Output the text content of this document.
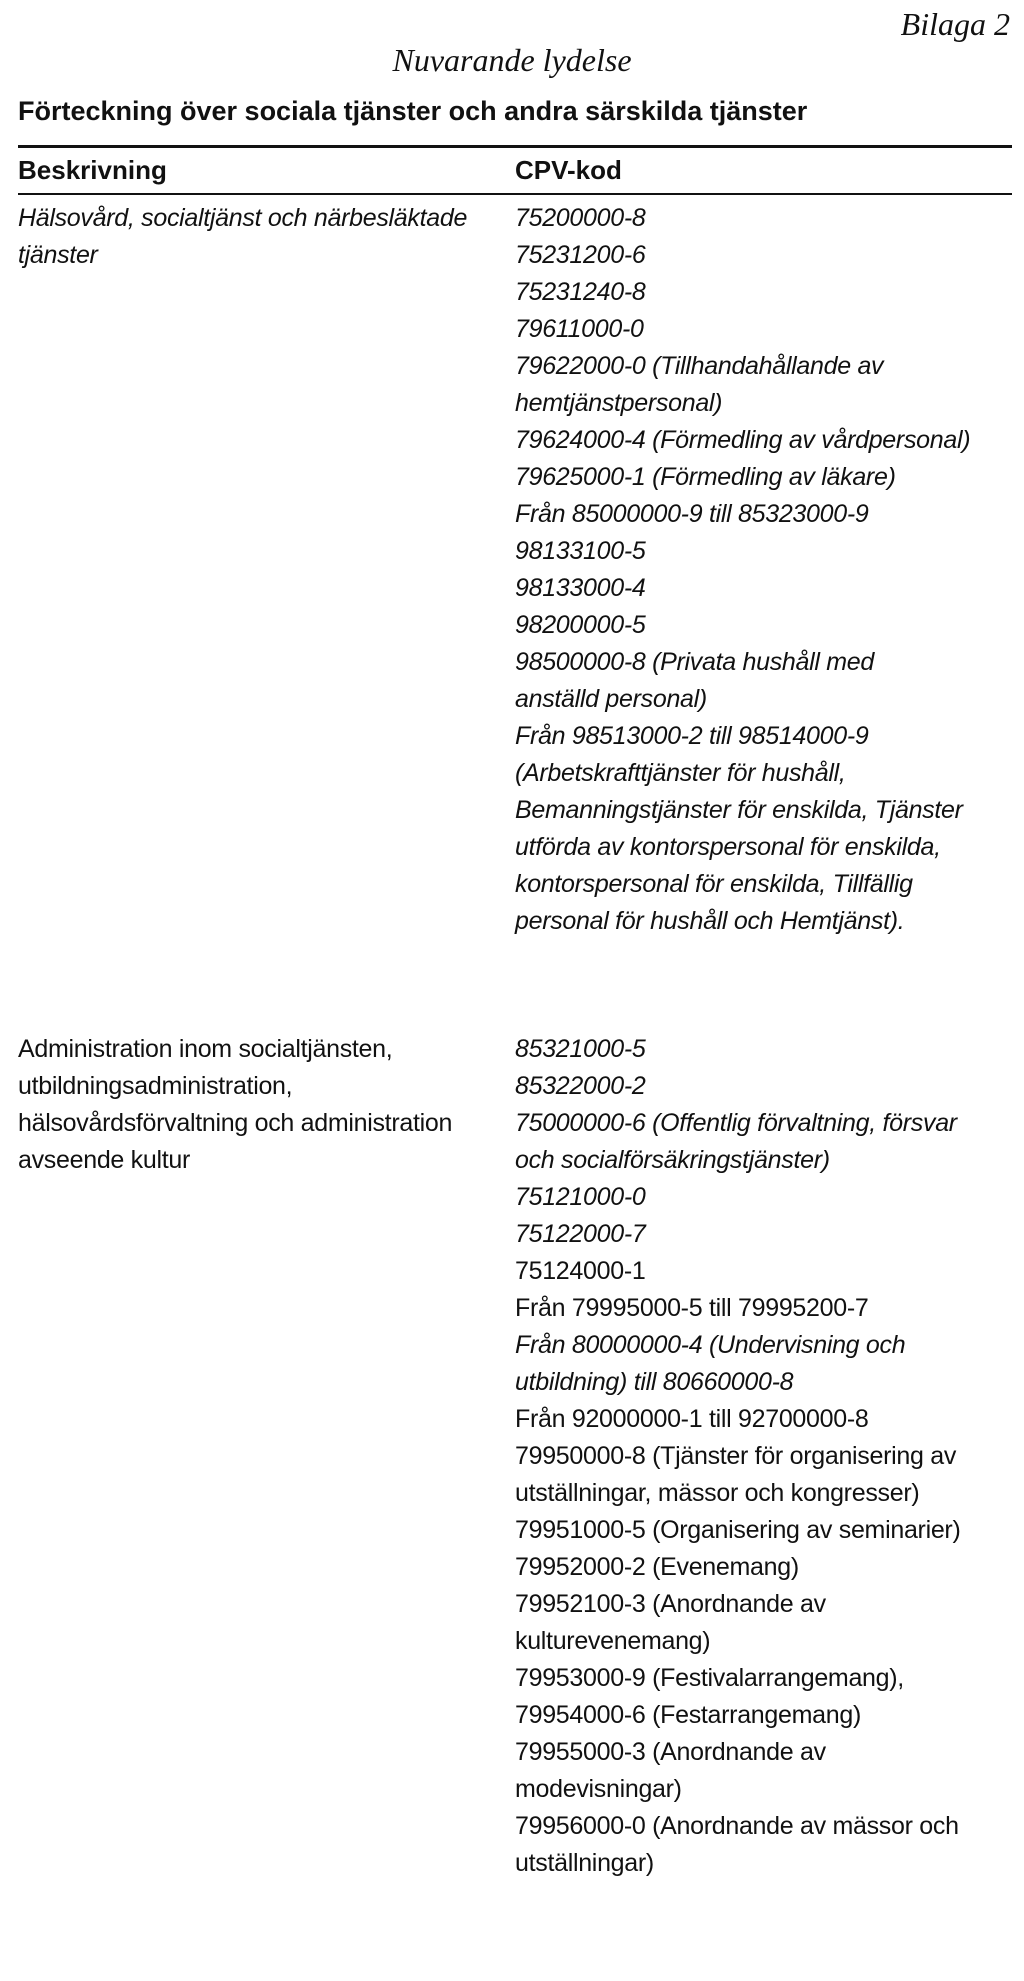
Bilaga 2
Nuvarande lydelse
Förteckning över sociala tjänster och andra särskilda tjänster
Beskrivning	CPV-kod
Hälsovård, socialtjänst och närbesläktade
tjänster
75200000-8
75231200-6
75231240-8
79611000-0
79622000-0 (Tillhandahållande av
hemtjänstpersonal)
79624000-4 (Förmedling av vårdpersonal)
79625000-1 (Förmedling av läkare)
Från 85000000-9 till 85323000-9
98133100-5
98133000-4
98200000-5
98500000-8 (Privata hushåll med
anställd personal)
Från 98513000-2 till 98514000-9
(Arbetskrafttjänster för hushåll,
Bemanningstjänster för enskilda, Tjänster
utförda av kontorspersonal för enskilda,
kontorspersonal för enskilda, Tillfällig
personal för hushåll och Hemtjänst).
Administration inom socialtjänsten,
utbildningsadministration,
hälsovårdsförvaltning och administration
avseende kultur
85321000-5
85322000-2
75000000-6 (Offentlig förvaltning, försvar
och socialförsäkringstjänster)
75121000-0
75122000-7
75124000-1
Från 79995000-5 till 79995200-7
Från 80000000-4 (Undervisning och
utbildning) till 80660000-8
Från 92000000-1 till 92700000-8
79950000-8 (Tjänster för organisering av
utställningar, mässor och kongresser)
79951000-5 (Organisering av seminarier)
79952000-2 (Evenemang)
79952100-3 (Anordnande av
kulturevenemang)
79953000-9 (Festivalarrangemang),
79954000-6 (Festarrangemang)
79955000-3 (Anordnande av
modevisningar)
79956000-0 (Anordnande av mässor och
utställningar)
